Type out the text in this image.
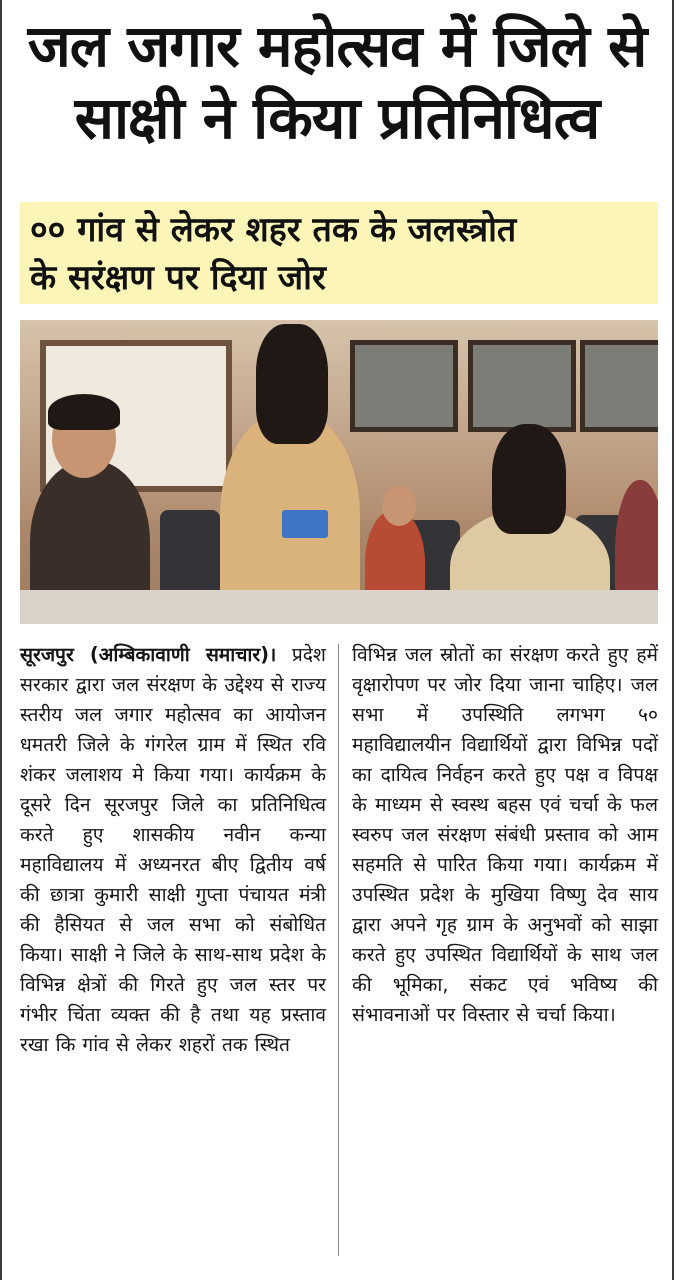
जल जगार महोत्सव में जिले से
साक्षी ने किया प्रतिनिधित्व
०० गांव से लेकर शहर तक के जलस्त्रोत
के सरंक्षण पर दिया जोर
सूरजपुर (अम्बिकावाणी समाचार)। प्रदेश सरकार द्वारा जल संरक्षण के उद्देश्य से राज्य स्तरीय जल जगार महोत्सव का आयोजन धमतरी जिले के गंगरेल ग्राम में स्थित रवि शंकर जलाशय मे किया गया। कार्यक्रम के दूसरे दिन सूरजपुर जिले का प्रतिनिधित्व करते हुए शासकीय नवीन कन्या महाविद्यालय में अध्यनरत बीए द्वितीय वर्ष की छात्रा कुमारी साक्षी गुप्ता पंचायत मंत्री की हैसियत से जल सभा को संबोधित किया। साक्षी ने जिले के साथ-साथ प्रदेश के विभिन्न क्षेत्रों की गिरते हुए जल स्तर पर गंभीर चिंता व्यक्त की है तथा यह प्रस्ताव रखा कि गांव से लेकर शहरों तक स्थित
विभिन्न जल स्रोतों का संरक्षण करते हुए हमें वृक्षारोपण पर जोर दिया जाना चाहिए। जल सभा में उपस्थिति लगभग ५० महाविद्यालयीन विद्यार्थियों द्वारा विभिन्न पदों का दायित्व निर्वहन करते हुए पक्ष व विपक्ष के माध्यम से स्वस्थ बहस एवं चर्चा के फल स्वरुप जल संरक्षण संबंधी प्रस्ताव को आम सहमति से पारित किया गया। कार्यक्रम में उपस्थित प्रदेश के मुखिया विष्णु देव साय द्वारा अपने गृह ग्राम के अनुभवों को साझा करते हुए उपस्थित विद्यार्थियों के साथ जल की भूमिका, संकट एवं भविष्य की संभावनाओं पर विस्तार से चर्चा किया।
